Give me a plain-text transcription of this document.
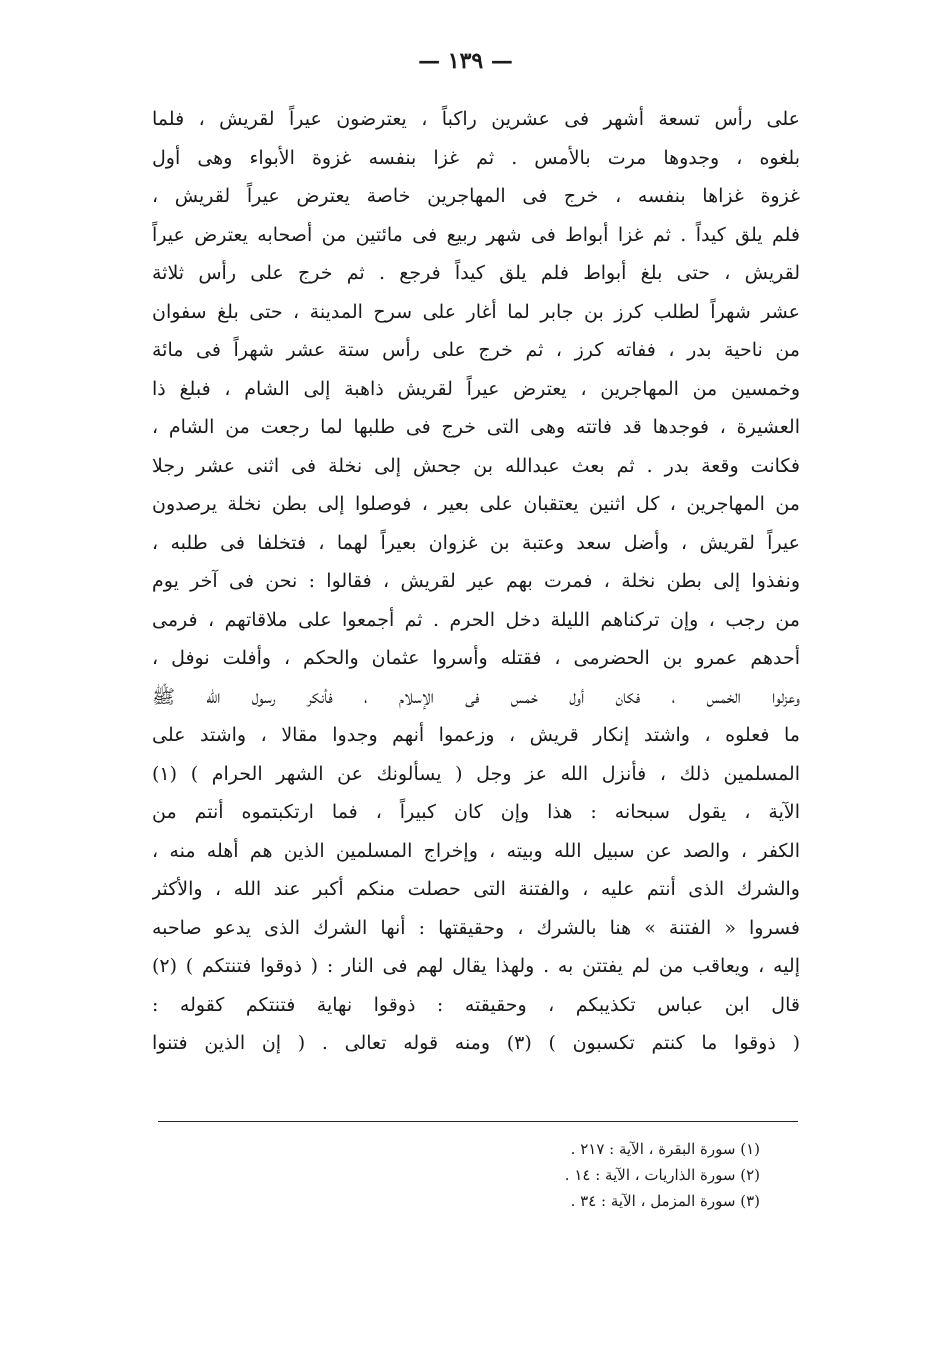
— ١٣٩ —
على رأس تسعة أشهر فى عشرين راكباً ، يعترضون عيراً لقريش ، فلما
بلغوه ، وجدوها مرت بالأمس . ثم غزا بنفسه غزوة الأبواء وهى أول
غزوة غزاها بنفسه ، خرج فى المهاجرين خاصة يعترض عيراً لقريش ،
فلم يلق كيداً . ثم غزا أبواط فى شهر ربيع فى مائتين من أصحابه يعترض عيراً
لقريش ، حتى بلغ أبواط فلم يلق كيداً فرجع . ثم خرج على رأس ثلاثة
عشر شهراً لطلب كرز بن جابر لما أغار على سرح المدينة ، حتى بلغ سفوان
من ناحية بدر ، ففاته كرز ، ثم خرج على رأس ستة عشر شهراً فى مائة
وخمسين من المهاجرين ، يعترض عيراً لقريش ذاهبة إلى الشام ، فبلغ ذا
العشيرة ، فوجدها قد فاتته وهى التى خرج فى طلبها لما رجعت من الشام ،
فكانت وقعة بدر . ثم بعث عبدالله بن جحش إلى نخلة فى اثنى عشر رجلا
من المهاجرين ، كل اثنين يعتقبان على بعير ، فوصلوا إلى بطن نخلة يرصدون
عيراً لقريش ، وأضل سعد وعتبة بن غزوان بعيراً لهما ، فتخلفا فى طلبه ،
ونفذوا إلى بطن نخلة ، فمرت بهم عير لقريش ، فقالوا : نحن فى آخر يوم
من رجب ، وإن تركناهم الليلة دخل الحرم . ثم أجمعوا على ملاقاتهم ، فرمى
أحدهم عمرو بن الحضرمى ، فقتله وأسروا عثمان والحكم ، وأفلت نوفل ،
وعزلوا الخمس ، فكان أول خمس فى الإسلام ، فأنكر رسول الله ﷺ
ما فعلوه ، واشتد إنكار قريش ، وزعموا أنهم وجدوا مقالا ، واشتد على
المسلمين ذلك ، فأنزل الله عز وجل ( يسألونك عن الشهر الحرام ) (١)
الآية ، يقول سبحانه : هذا وإن كان كبيراً ، فما ارتكبتموه أنتم من
الكفر ، والصد عن سبيل الله وبيته ، وإخراج المسلمين الذين هم أهله منه ،
والشرك الذى أنتم عليه ، والفتنة التى حصلت منكم أكبر عند الله ، والأكثر
فسروا « الفتنة » هنا بالشرك ، وحقيقتها : أنها الشرك الذى يدعو صاحبه
إليه ، ويعاقب من لم يفتتن به . ولهذا يقال لهم فى النار : ( ذوقوا فتنتكم ) (٢)
قال ابن عباس تكذيبكم ، وحقيقته : ذوقوا نهاية فتنتكم كقوله :
( ذوقوا ما كنتم تكسبون ) (٣) ومنه قوله تعالى . ( إن الذين فتنوا
(١) سورة البقرة ، الآية : ٢١٧ .
(٢) سورة الذاريات ، الآية : ١٤ .
(٣) سورة المزمل ، الآية : ٣٤ .
